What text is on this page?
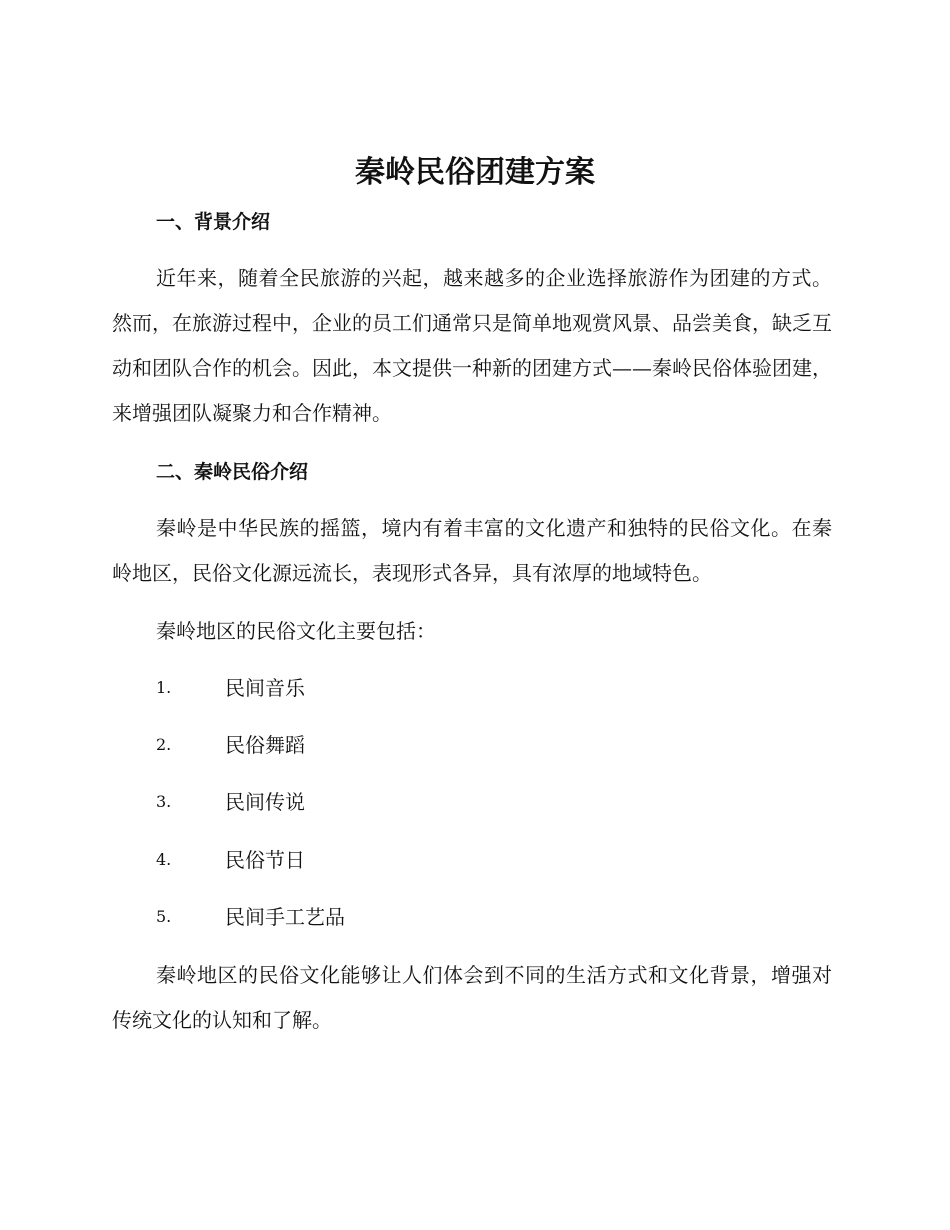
秦岭民俗团建方案
一、背景介绍

近年来，随着全民旅游的兴起，越来越多的企业选择旅游作为团建的方式。然而，在旅游过程中，企业的员工们通常只是简单地观赏风景、品尝美食，缺乏互动和团队合作的机会。因此，本文提供一种新的团建方式——秦岭民俗体验团建，来增强团队凝聚力和合作精神。

二、秦岭民俗介绍

秦岭是中华民族的摇篮，境内有着丰富的文化遗产和独特的民俗文化。在秦岭地区，民俗文化源远流长，表现形式各异，具有浓厚的地域特色。

秦岭地区的民俗文化主要包括：

1.	民间音乐
2.	民俗舞蹈
3.	民间传说
4.	民俗节日
5.	民间手工艺品

秦岭地区的民俗文化能够让人们体会到不同的生活方式和文化背景，增强对传统文化的认知和了解。
